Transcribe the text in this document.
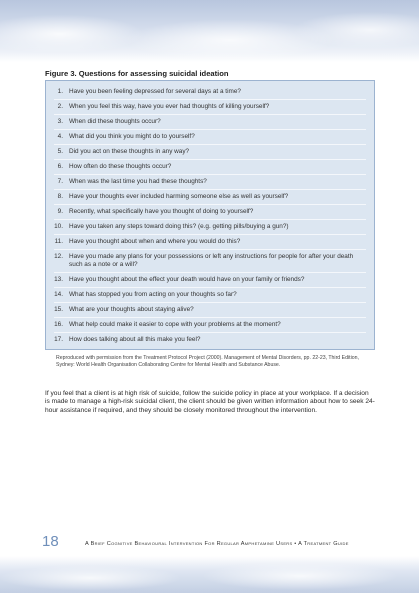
Figure 3. Questions for assessing suicidal ideation
1. Have you been feeling depressed for several days at a time?
2. When you feel this way, have you ever had thoughts of killing yourself?
3. When did these thoughts occur?
4. What did you think you might do to yourself?
5. Did you act on these thoughts in any way?
6. How often do these thoughts occur?
7. When was the last time you had these thoughts?
8. Have your thoughts ever included harming someone else as well as yourself?
9. Recently, what specifically have you thought of doing to yourself?
10. Have you taken any steps toward doing this? (e.g. getting pills/buying a gun?)
11. Have you thought about when and where you would do this?
12. Have you made any plans for your possessions or left any instructions for people for after your death such as a note or a will?
13. Have you thought about the effect your death would have on your family or friends?
14. What has stopped you from acting on your thoughts so far?
15. What are your thoughts about staying alive?
16. What help could make it easier to cope with your problems at the moment?
17. How does talking about all this make you feel?
Reproduced with permission from the Treatment Protocol Project (2000). Management of Mental Disorders, pp. 22-23, Third Edition, Sydney: World Health Organisation Collaborating Centre for Mental Health and Substance Abuse.
If you feel that a client is at high risk of suicide, follow the suicide policy in place at your workplace. If a decision is made to manage a high-risk suicidal client, the client should be given written information about how to seek 24-hour assistance if required, and they should be closely monitored throughout the intervention.
18	A Brief Cognitive Behavioural Intervention For Regular Amphetamine Users • A Treatment Guide
